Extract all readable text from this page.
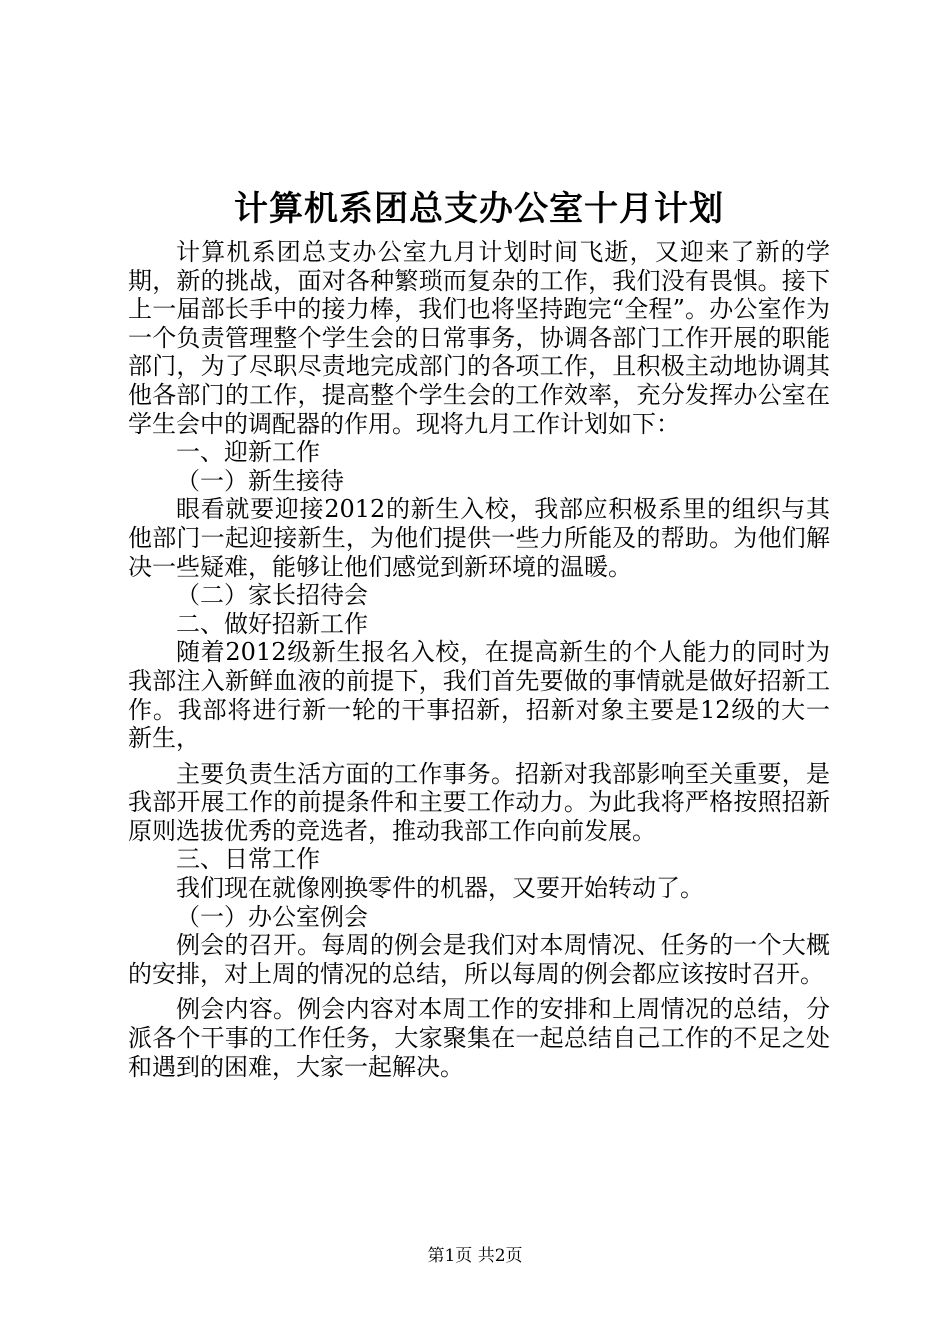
计算机系团总支办公室十月计划

计算机系团总支办公室九月计划时间飞逝，又迎来了新的学期，新的挑战，面对各种繁琐而复杂的工作，我们没有畏惧。接下上一届部长手中的接力棒，我们也将坚持跑完“全程”。办公室作为一个负责管理整个学生会的日常事务，协调各部门工作开展的职能部门，为了尽职尽责地完成部门的各项工作，且积极主动地协调其他各部门的工作，提高整个学生会的工作效率，充分发挥办公室在学生会中的调配器的作用。现将九月工作计划如下：

一、迎新工作

（一）新生接待

眼看就要迎接2012的新生入校，我部应积极系里的组织与其他部门一起迎接新生，为他们提供一些力所能及的帮助。为他们解决一些疑难，能够让他们感觉到新环境的温暖。

（二）家长招待会

二、做好招新工作

随着2012级新生报名入校，在提高新生的个人能力的同时为我部注入新鲜血液的前提下，我们首先要做的事情就是做好招新工作。我部将进行新一轮的干事招新，招新对象主要是12级的大一新生，

主要负责生活方面的工作事务。招新对我部影响至关重要，是我部开展工作的前提条件和主要工作动力。为此我将严格按照招新原则选拔优秀的竞选者，推动我部工作向前发展。

三、日常工作

我们现在就像刚换零件的机器，又要开始转动了。

（一）办公室例会

例会的召开。每周的例会是我们对本周情况、任务的一个大概的安排，对上周的情况的总结，所以每周的例会都应该按时召开。

例会内容。例会内容对本周工作的安排和上周情况的总结，分派各个干事的工作任务，大家聚集在一起总结自己工作的不足之处和遇到的困难，大家一起解决。

第1页 共2页
